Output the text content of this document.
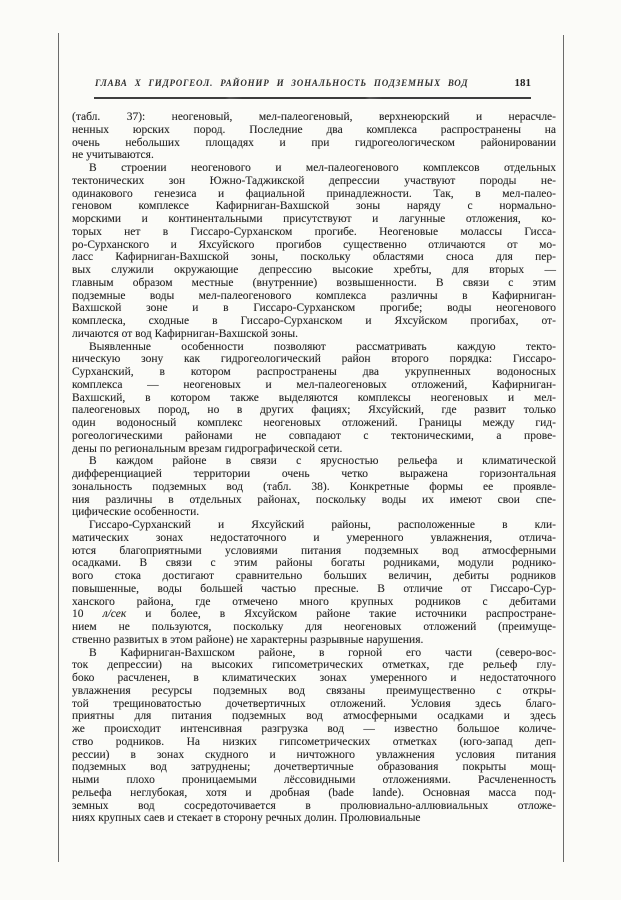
ГЛАВА X ГИДРОГЕОЛ. РАЙОНИР И ЗОНАЛЬНОСТЬ ПОДЗЕМНЫХ ВОД	181

(табл. 37): неогеновый, мел-палеогеновый, верхнеюрский и нерасчле-
ненных юрских пород. Последние два комплекса распространены на
очень небольших площадях и при гидрогеологическом районировании
не учитываются.

В строении неогенового и мел-палеогенового комплексов отдельных
тектонических зон Южно-Таджикской депрессии участвуют породы не-
одинакового генезиса и фациальной принадлежности. Так, в мел-палео-
геновом комплексе Кафирниган-Вахшской зоны наряду с нормально-
морскими и континентальными присутствуют и лагунные отложения, ко-
торых нет в Гиссаро-Сурханском прогибе. Неогеновые молассы Гисса-
ро-Сурханского и Яхсуйского прогибов существенно отличаются от мо-
ласс Кафирниган-Вахшской зоны, поскольку областями сноса для пер-
вых служили окружающие депрессию высокие хребты, для вторых —
главным образом местные (внутренние) возвышенности. В связи с этим
подземные воды мел-палеогенового комплекса различны в Кафирниган-
Вахшской зоне и в Гиссаро-Сурханском прогибе; воды неогенового
комплеска, сходные в Гиссаро-Сурханском и Яхсуйском прогибах, от-
личаются от вод Кафирниган-Вахшской зоны.

Выявленные особенности позволяют рассматривать каждую текто-
ническую зону как гидрогеологический район второго порядка: Гиссаро-
Сурханский, в котором распространены два укрупненных водоносных
комплекса — неогеновых и мел-палеогеновых отложений, Кафирниган-
Вахшский, в котором также выделяются комплексы неогеновых и мел-
палеогеновых пород, но в других фациях; Яхсуйский, где развит только
один водоносный комплекс неогеновых отложений. Границы между гид-
рогеологическими районами не совпадают с тектоническими, а прове-
дены по региональным врезам гидрографической сети.

В каждом районе в связи с ярусностью рельефа и климатической
дифференциацией территории очень четко выражена горизонтальная
зональность подземных вод (табл. 38). Конкретные формы ее проявле-
ния различны в отдельных районах, поскольку воды их имеют свои спе-
цифические особенности.

Гиссаро-Сурханский и Яхсуйский районы, расположенные в кли-
матических зонах недостаточного и умеренного увлажнения, отлича-
ются благоприятными условиями питания подземных вод атмосферными
осадками. В связи с этим районы богаты родниками, модули роднико-
вого стока достигают сравнительно больших величин, дебиты родников
повышенные, воды большей частью пресные. В отличие от Гиссаро-Сур-
ханского района, где отмечено много крупных родников с дебитами
10 л/сек и более, в Яхсуйском районе такие источники распростране-
нием не пользуются, поскольку для неогеновых отложений (преимуще-
ственно развитых в этом районе) не характерны разрывные нарушения.

В Кафирниган-Вахшском районе, в горной его части (северо-вос-
ток депрессии) на высоких гипсометрических отметках, где рельеф глу-
боко расчленен, в климатических зонах умеренного и недостаточного
увлажнения ресурсы подземных вод связаны преимущественно с откры-
той трещиноватостью дочетвертичных отложений. Условия здесь благо-
приятны для питания подземных вод атмосферными осадками и здесь
же происходит интенсивная разгрузка вод — известно большое количе-
ство родников. На низких гипсометрических отметках (юго-запад деп-
рессии) в зонах скудного и ничтожного увлажнения условия питания
подземных вод затруднены; дочетвертичные образования покрыты мощ-
ными плохо проницаемыми лёссовидными отложениями. Расчлененность
рельефа неглубокая, хотя и дробная (bade lande). Основная масса под-
земных вод сосредоточивается в пролювиально-аллювиальных отложе-
ниях крупных саев и стекает в сторону речных долин. Пролювиальные
